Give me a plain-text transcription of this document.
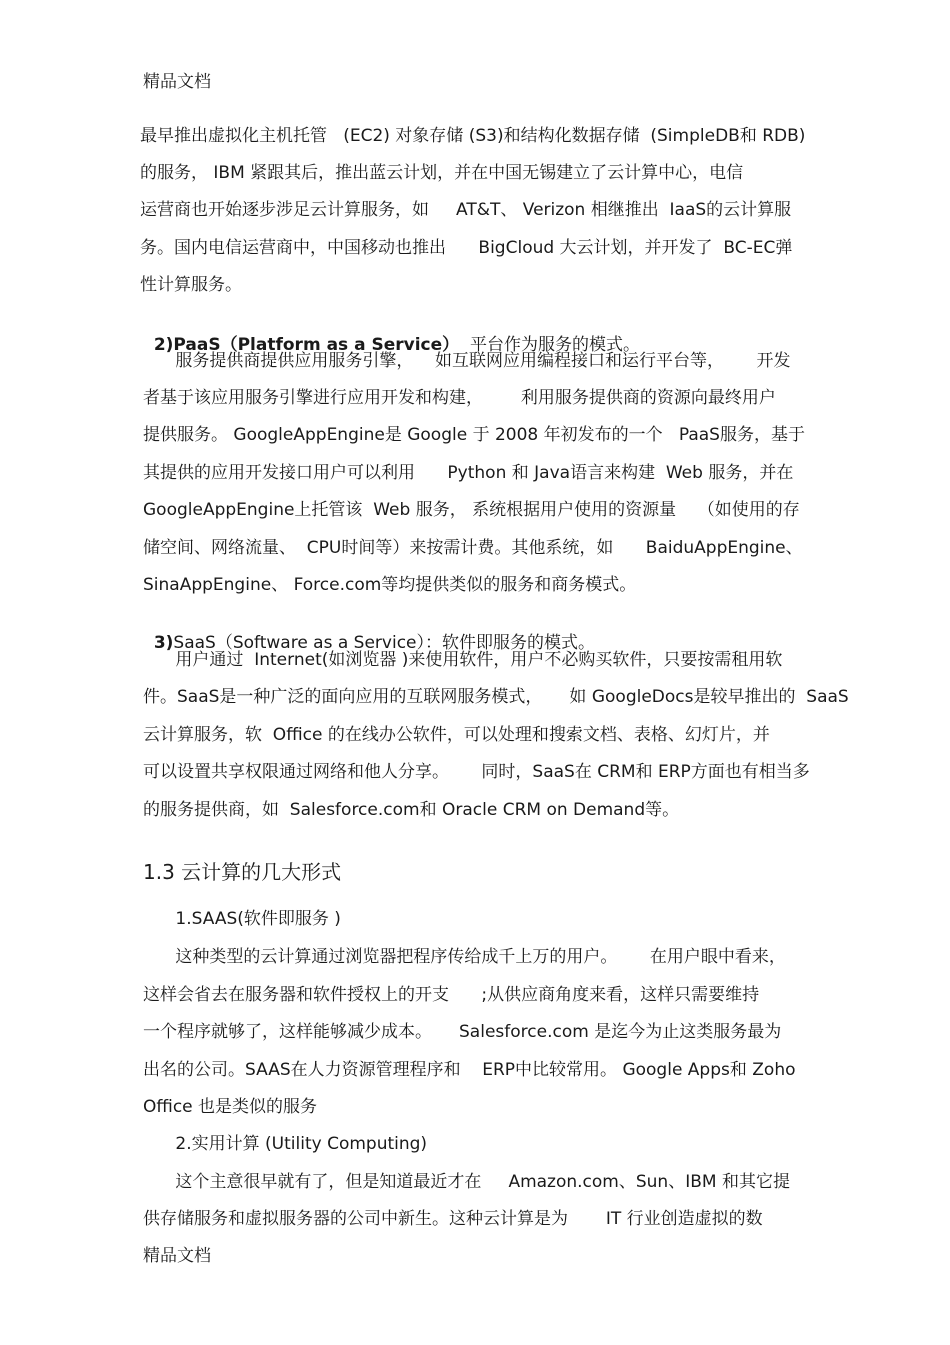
精品文档
最早推出虚拟化主机托管   (EC2) 对象存储 (S3)和结构化数据存储  (SimpleDB和 RDB)
的服务， IBM 紧跟其后，推出蓝云计划，并在中国无锡建立了云计算中心，电信
运营商也开始逐步涉足云计算服务，如     AT&T、 Verizon 相继推出  IaaS的云计算服
务。国内电信运营商中，中国移动也推出      BigCloud 大云计划，并开发了  BC-EC弹
性计算服务。

2)PaaS（Platform as a Service）  平台作为服务的模式。

服务提供商提供应用服务引擎，    如互联网应用编程接口和运行平台等，      开发
者基于该应用服务引擎进行应用开发和构建，       利用服务提供商的资源向最终用户
提供服务。 GoogleAppEngine是 Google 于 2008 年初发布的一个   PaaS服务，基于
其提供的应用开发接口用户可以利用      Python 和 Java语言来构建  Web 服务，并在
GoogleAppEngine上托管该  Web 服务， 系统根据用户使用的资源量    （如使用的存
储空间、网络流量、  CPU时间等）来按需计费。其他系统，如      BaiduAppEngine、
SinaAppEngine、 Force.com等均提供类似的服务和商务模式。

3)SaaS（Software as a Service）：软件即服务的模式。

用户通过  Internet(如浏览器 )来使用软件，用户不必购买软件，只要按需租用软
件。SaaS是一种广泛的面向应用的互联网服务模式，     如 GoogleDocs是较早推出的  SaaS
云计算服务，软  Office 的在线办公软件，可以处理和搜索文档、表格、幻灯片，并
可以设置共享权限通过网络和他人分享。      同时，SaaS在 CRM和 ERP方面也有相当多
的服务提供商，如  Salesforce.com和 Oracle CRM on Demand等。
1.3 云计算的几大形式
1.SAAS(软件即服务 )
这种类型的云计算通过浏览器把程序传给成千上万的用户。      在用户眼中看来，
这样会省去在服务器和软件授权上的开支      ;从供应商角度来看，这样只需要维持
一个程序就够了，这样能够减少成本。     Salesforce.com 是迄今为止这类服务最为
出名的公司。SAAS在人力资源管理程序和    ERP中比较常用。 Google Apps和 Zoho
Office 也是类似的服务
2.实用计算 (Utility Computing)
这个主意很早就有了，但是知道最近才在     Amazon.com、Sun、IBM 和其它提
供存储服务和虚拟服务器的公司中新生。这种云计算是为       IT 行业创造虚拟的数
精品文档
